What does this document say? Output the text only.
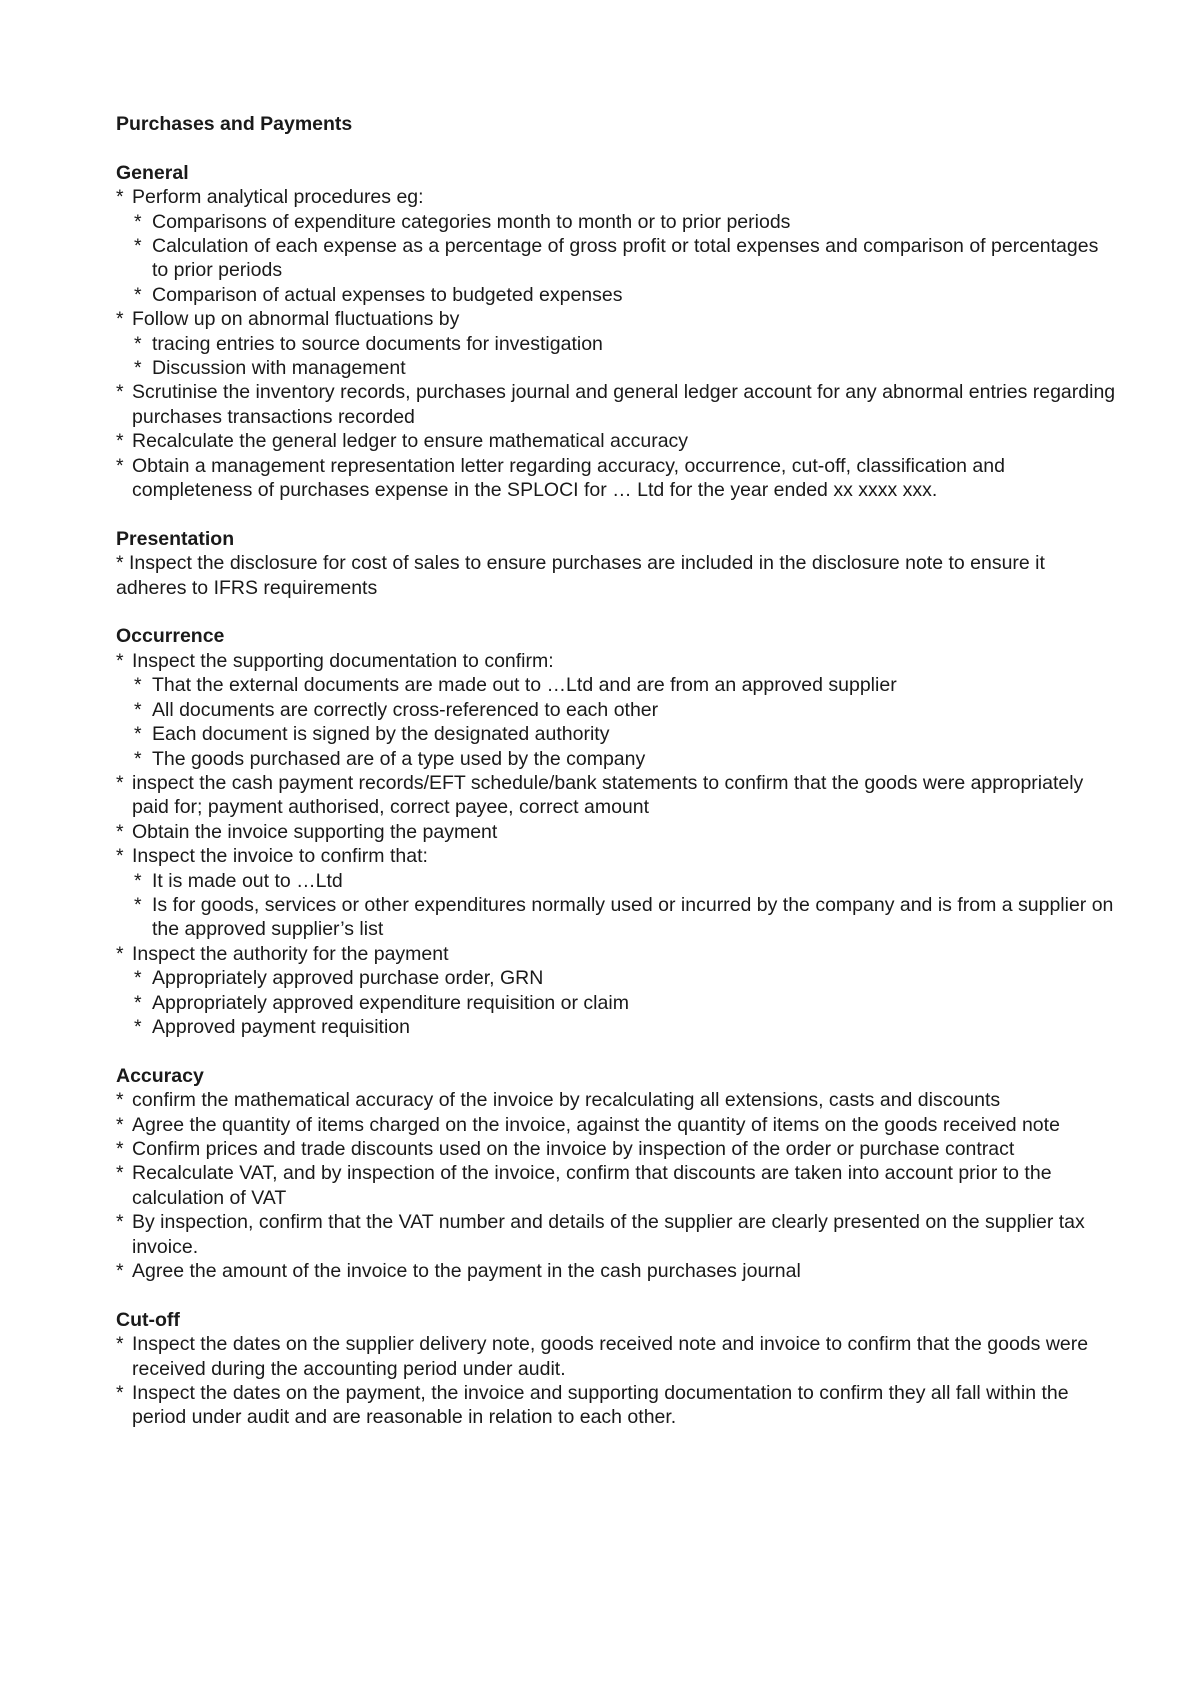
Purchases and Payments
General
* Perform analytical procedures eg:
* Comparisons of expenditure categories month to month or to prior periods
* Calculation of each expense as a percentage of gross profit or total expenses and comparison of percentages to prior periods
* Comparison of actual expenses to budgeted expenses
* Follow up on abnormal fluctuations by
* tracing entries to source documents for investigation
* Discussion with management
* Scrutinise the inventory records, purchases journal and general ledger account for any abnormal entries regarding purchases transactions recorded
* Recalculate the general ledger to ensure mathematical accuracy
* Obtain a management representation letter regarding accuracy, occurrence, cut-off, classification and completeness of purchases expense in the SPLOCI for … Ltd for the year ended xx xxxx xxx.
Presentation
* Inspect the disclosure for cost of sales to ensure purchases are included in the disclosure note to ensure it adheres to IFRS requirements
Occurrence
* Inspect the supporting documentation to confirm:
* That the external documents are made out to …Ltd and are from an approved supplier
* All documents are correctly cross-referenced to each other
* Each document is signed by the designated authority
* The goods purchased are of a type used by the company
* inspect the cash payment records/EFT schedule/bank statements to confirm that the goods were appropriately paid for; payment authorised, correct payee, correct amount
* Obtain the invoice supporting the payment
* Inspect the invoice to confirm that:
* It is made out to …Ltd
* Is for goods, services or other expenditures normally used or incurred by the company and is from a supplier on the approved supplier’s list
* Inspect the authority for the payment
* Appropriately approved purchase order, GRN
* Appropriately approved expenditure requisition or claim
* Approved payment requisition
Accuracy
* confirm the mathematical accuracy of the invoice by recalculating all extensions, casts and discounts
* Agree the quantity of items charged on the invoice, against the quantity of items on the goods received note
* Confirm prices and trade discounts used on the invoice by inspection of the order or purchase contract
* Recalculate VAT, and by inspection of the invoice, confirm that discounts are taken into account prior to the calculation of VAT
* By inspection, confirm that the VAT number and details of the supplier are clearly presented on the supplier tax invoice.
* Agree the amount of the invoice to the payment in the cash purchases journal
Cut-off
* Inspect the dates on the supplier delivery note, goods received note and invoice to confirm that the goods were received during the accounting period under audit.
* Inspect the dates on the payment, the invoice and supporting documentation to confirm they all fall within the period under audit and are reasonable in relation to each other.
